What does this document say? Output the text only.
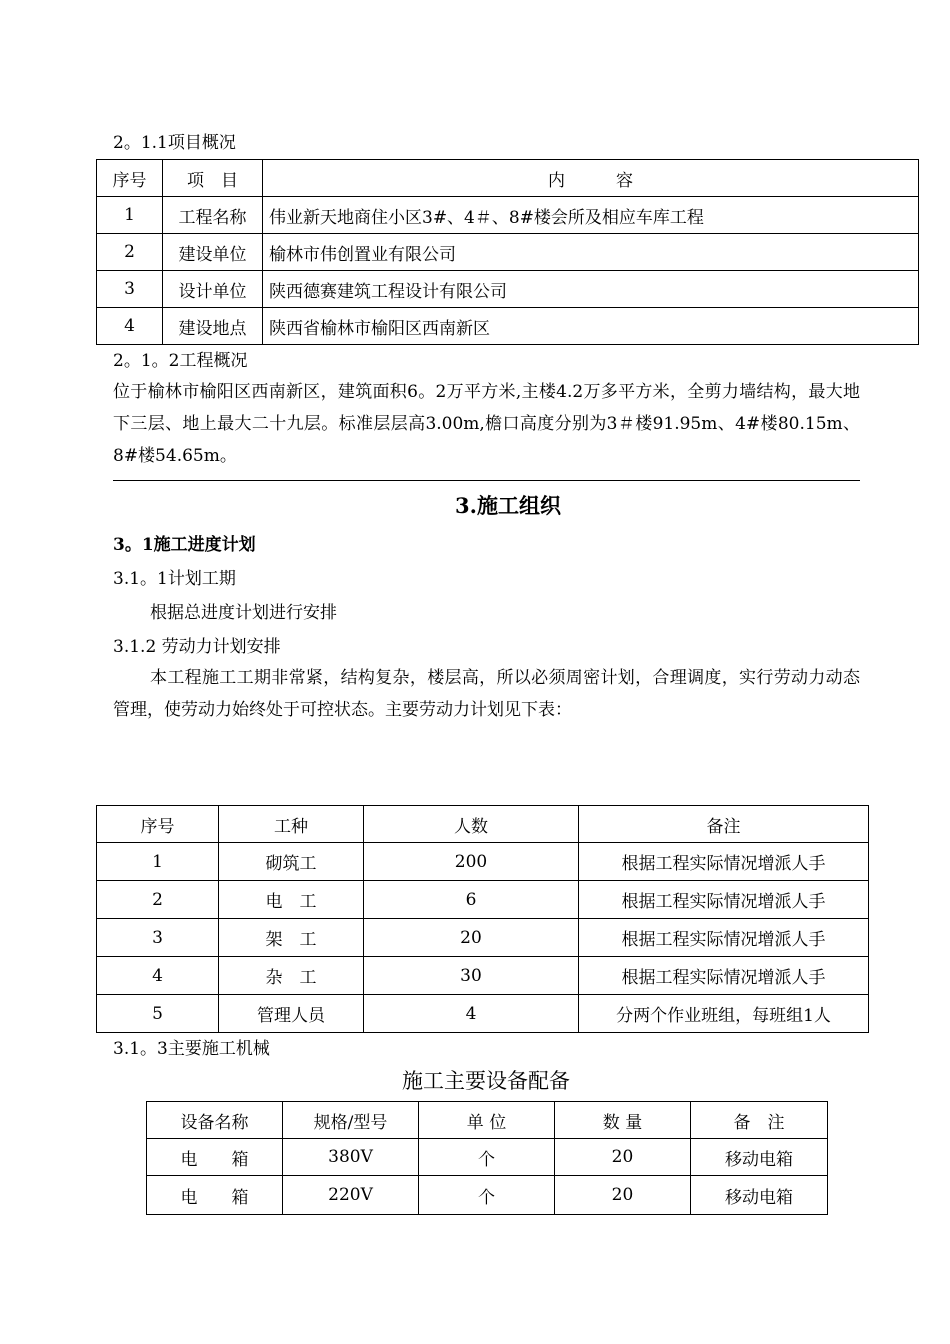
2。1.1项目概况
序号	项　目	内　　　容
1	工程名称	伟业新天地商住小区3#、4＃、8#楼会所及相应车库工程
2	建设单位	榆林市伟创置业有限公司
3	设计单位	陕西德赛建筑工程设计有限公司
4	建设地点	陕西省榆林市榆阳区西南新区
2。1。2工程概况
位于榆林市榆阳区西南新区，建筑面积6。2万平方米,主楼4.2万多平方米，全剪力墙结构，最大地下三层、地上最大二十九层。标准层层高3.00m,檐口高度分别为3＃楼91.95m、4#楼80.15m、8#楼54.65m。
3.施工组织
3。1施工进度计划
3.1。1计划工期
根据总进度计划进行安排
3.1.2 劳动力计划安排
本工程施工工期非常紧，结构复杂，楼层高，所以必须周密计划，合理调度，实行劳动力动态管理，使劳动力始终处于可控状态。主要劳动力计划见下表：
序号	工种	人数	备注
1	砌筑工	200	根据工程实际情况增派人手
2	电　工	6	根据工程实际情况增派人手
3	架　工	20	根据工程实际情况增派人手
4	杂　工	30	根据工程实际情况增派人手
5	管理人员	4	分两个作业班组，每班组1人
3.1。3主要施工机械
施工主要设备配备
设备名称	规格/型号	单 位	数 量	备　注
电　　箱	380V	个	20	移动电箱
电　　箱	220V	个	20	移动电箱
